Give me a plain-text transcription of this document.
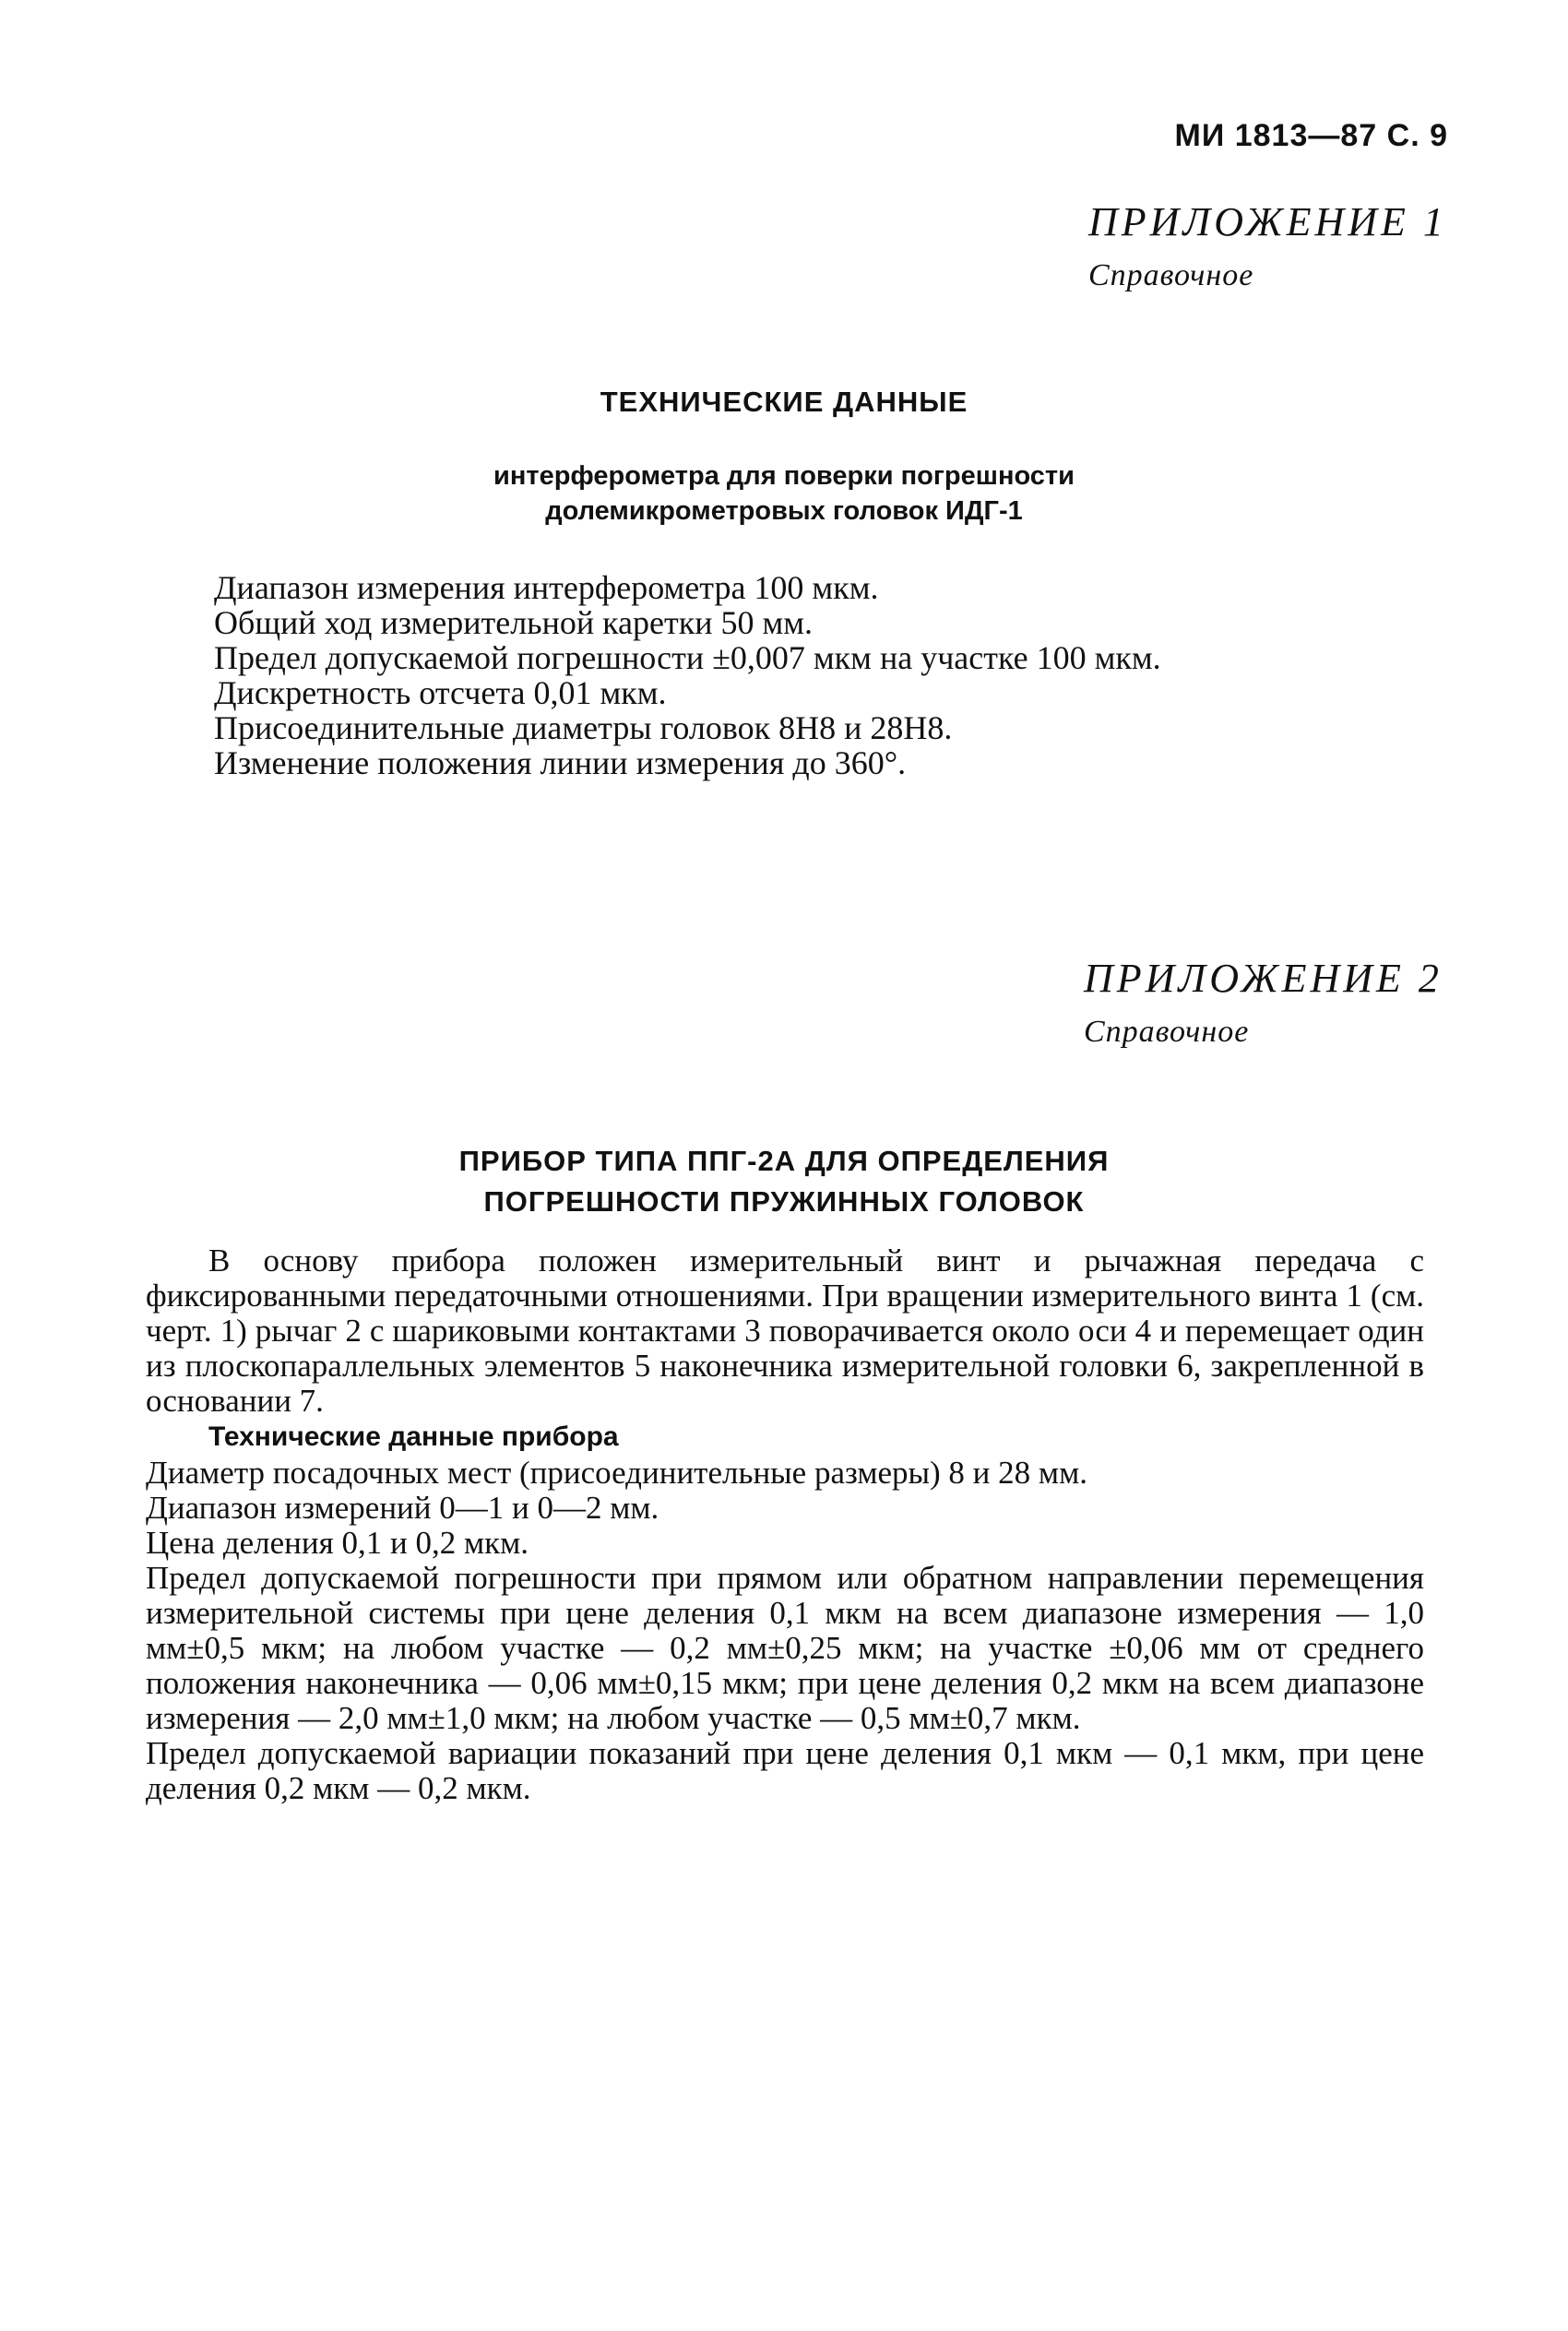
МИ 1813—87 С. 9
ПРИЛОЖЕНИЕ 1
Справочное
ТЕХНИЧЕСКИЕ ДАННЫЕ
интерферометра для поверки погрешности
долемикрометровых головок ИДГ-1
Диапазон измерения интерферометра 100 мкм.
Общий ход измерительной каретки 50 мм.
Предел допускаемой погрешности ±0,007 мкм на участке 100 мкм.
Дискретность отсчета 0,01 мкм.
Присоединительные диаметры головок 8Н8 и 28Н8.
Изменение положения линии измерения до 360°.
ПРИЛОЖЕНИЕ 2
Справочное
ПРИБОР ТИПА ППГ-2А ДЛЯ ОПРЕДЕЛЕНИЯ
ПОГРЕШНОСТИ ПРУЖИННЫХ ГОЛОВОК

В основу прибора положен измерительный винт и рычажная передача с фиксированными передаточными отношениями. При вращении измерительного винта 1 (см. черт. 1) рычаг 2 с шариковыми контактами 3 поворачивается около оси 4 и перемещает один из плоскопараллельных элементов 5 наконечника измерительной головки 6, закрепленной в основании 7.

Технические данные прибора

Диаметр посадочных мест (присоединительные размеры) 8 и 28 мм.

Диапазон измерений 0—1 и 0—2 мм.

Цена деления 0,1 и 0,2 мкм.

Предел допускаемой погрешности при прямом или обратном направлении перемещения измерительной системы при цене деления 0,1 мкм на всем диапазоне измерения — 1,0 мм±0,5 мкм; на любом участке — 0,2 мм±0,25 мкм; на участке ±0,06 мм от среднего положения наконечника — 0,06 мм±0,15 мкм; при цене деления 0,2 мкм на всем диапазоне измерения — 2,0 мм±1,0 мкм; на любом участке — 0,5 мм±0,7 мкм.

Предел допускаемой вариации показаний при цене деления 0,1 мкм — 0,1 мкм, при цене деления 0,2 мкм — 0,2 мкм.
